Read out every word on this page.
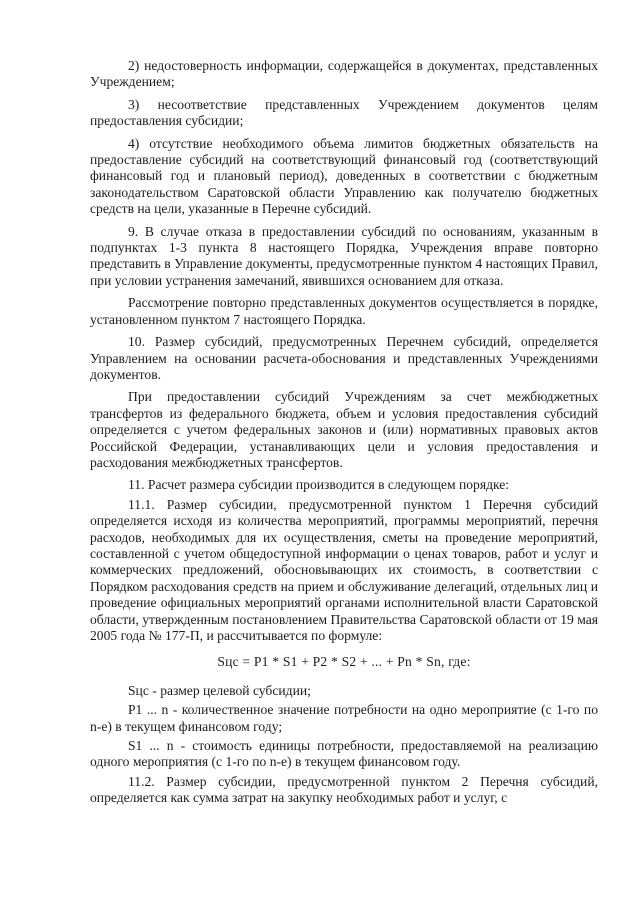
2) недостоверность информации, содержащейся в документах, представленных Учреждением;

3) несоответствие представленных Учреждением документов целям предоставления субсидии;

4) отсутствие необходимого объема лимитов бюджетных обязательств на предоставление субсидий на соответствующий финансовый год (соответствующий финансовый год и плановый период), доведенных в соответствии с бюджетным законодательством Саратовской области Управлению как получателю бюджетных средств на цели, указанные в Перечне субсидий.

9. В случае отказа в предоставлении субсидий по основаниям, указанным в подпунктах 1-3 пункта 8 настоящего Порядка, Учреждения вправе повторно представить в Управление документы, предусмотренные пунктом 4 настоящих Правил, при условии устранения замечаний, явившихся основанием для отказа.

Рассмотрение повторно представленных документов осуществляется в порядке, установленном пунктом 7 настоящего Порядка.

10. Размер субсидий, предусмотренных Перечнем субсидий, определяется Управлением на основании расчета-обоснования и представленных Учреждениями документов.

При предоставлении субсидий Учреждениям за счет межбюджетных трансфертов из федерального бюджета, объем и условия предоставления субсидий определяется с учетом федеральных законов и (или) нормативных правовых актов Российской Федерации, устанавливающих цели и условия предоставления и расходования межбюджетных трансфертов.

11. Расчет размера субсидии производится в следующем порядке:

11.1. Размер субсидии, предусмотренной пунктом 1 Перечня субсидий определяется исходя из количества мероприятий, программы мероприятий, перечня расходов, необходимых для их осуществления, сметы на проведение мероприятий, составленной с учетом общедоступной информации о ценах товаров, работ и услуг и коммерческих предложений, обосновывающих их стоимость, в соответствии с Порядком расходования средств на прием и обслуживание делегаций, отдельных лиц и проведение официальных мероприятий органами исполнительной власти Саратовской области, утвержденным постановлением Правительства Саратовской области от 19 мая 2005 года № 177-П, и рассчитывается по формуле:

Sцс = P1 * S1 + P2 * S2 + ... + Pn * Sn, где:

Sцс - размер целевой субсидии;

P1 ... n - количественное значение потребности на одно мероприятие (с 1-го по n-е) в текущем финансовом году;

S1 ... n - стоимость единицы потребности, предоставляемой на реализацию одного мероприятия (с 1-го по n-е) в текущем финансовом году.

11.2. Размер субсидии, предусмотренной пунктом 2 Перечня субсидий, определяется как сумма затрат на закупку необходимых работ и услуг, с
